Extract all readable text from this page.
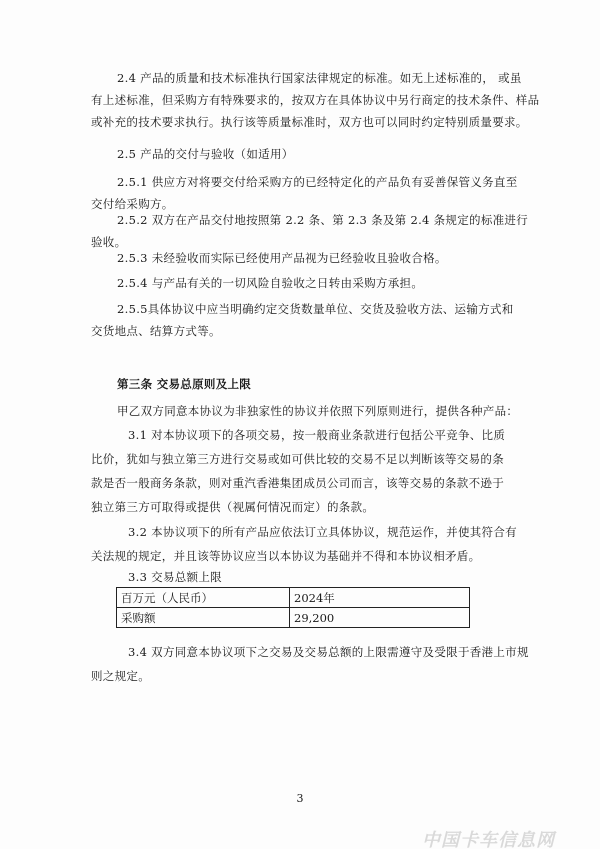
2.4 产品的质量和技术标准执行国家法律规定的标准。如无上述标准的， 或虽
有上述标准，但采购方有特殊要求的，按双方在具体协议中另行商定的技术条件、样品
或补充的技术要求执行。执行该等质量标准时，双方也可以同时约定特别质量要求。
2.5 产品的交付与验收（如适用）
2.5.1 供应方对将要交付给采购方的已经特定化的产品负有妥善保管义务直至
交付给采购方。
2.5.2 双方在产品交付地按照第 2.2 条、第 2.3 条及第 2.4 条规定的标准进行
验收。
2.5.3 未经验收而实际已经使用产品视为已经验收且验收合格。
2.5.4 与产品有关的一切风险自验收之日转由采购方承担。
2.5.5具体协议中应当明确约定交货数量单位、交货及验收方法、运输方式和
交货地点、结算方式等。
第三条 交易总原则及上限
甲乙双方同意本协议为非独家性的协议并依照下列原则进行，提供各种产品：
3.1 对本协议项下的各项交易，按一般商业条款进行包括公平竞争、比质
比价，犹如与独立第三方进行交易或如可供比较的交易不足以判断该等交易的条
款是否一般商务条款，则对重汽香港集团成员公司而言，该等交易的条款不逊于
独立第三方可取得或提供（视属何情况而定）的条款。
3.2 本协议项下的所有产品应依法订立具体协议，规范运作，并使其符合有
关法规的规定，并且该等协议应当以本协议为基础并不得和本协议相矛盾。
3.3 交易总额上限
百万元（人民币）	2024年
采购额	29,200
3.4 双方同意本协议项下之交易及交易总额的上限需遵守及受限于香港上市规
则之规定。
3
中国卡车信息网
